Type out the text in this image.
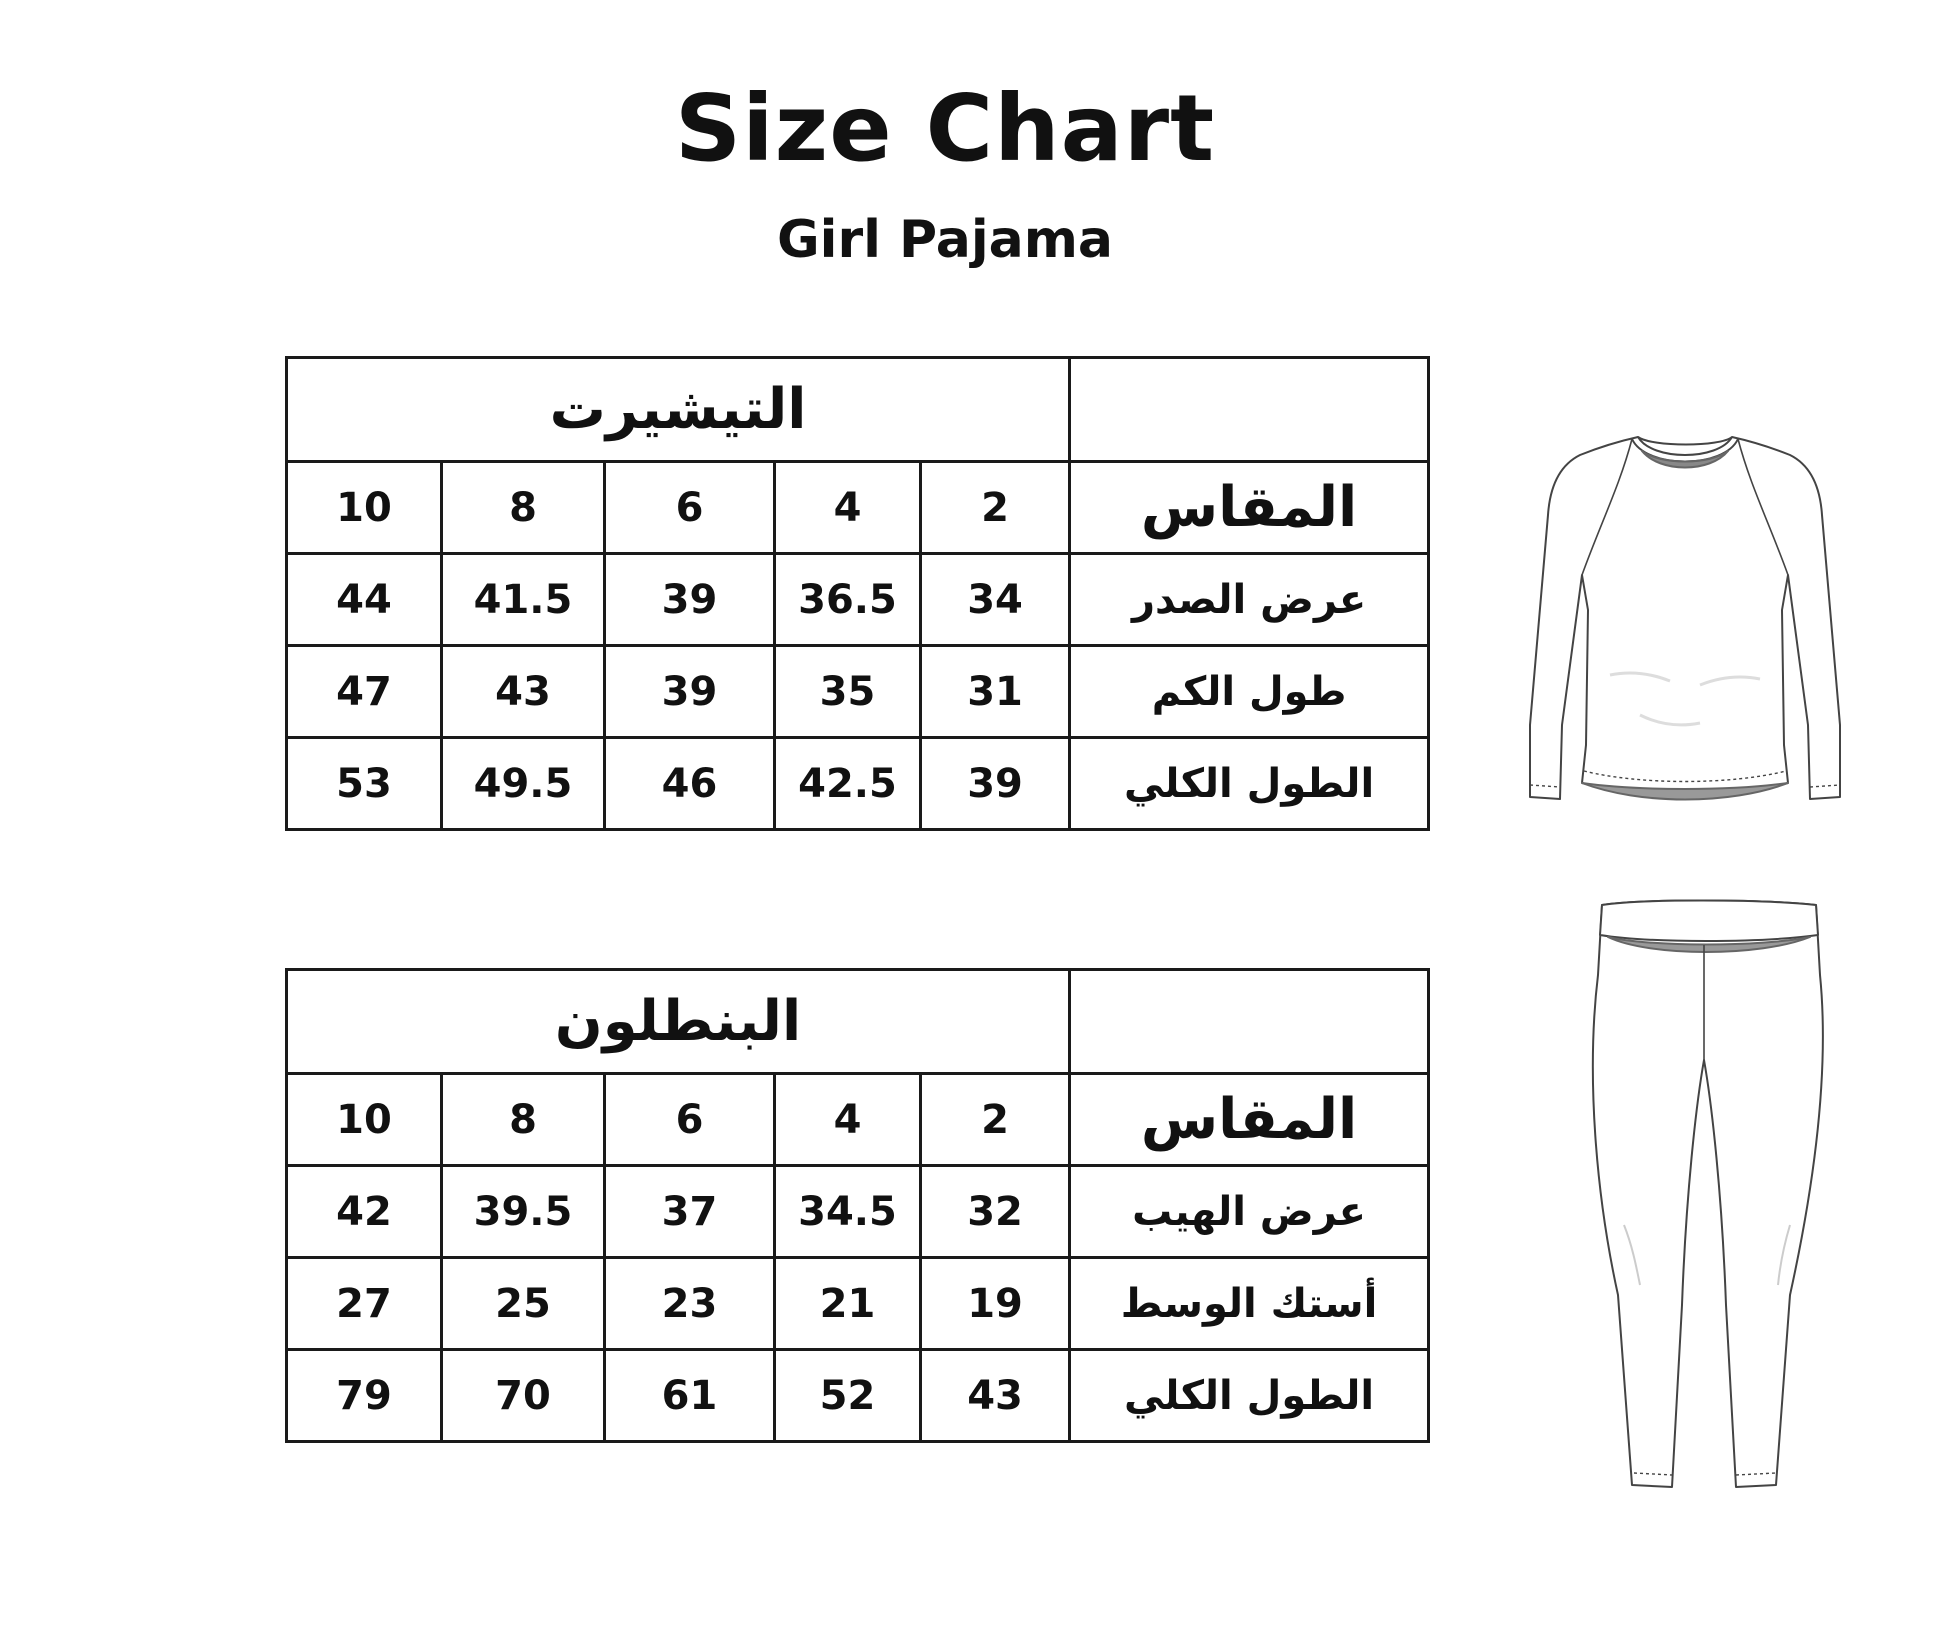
Size Chart
Girl Pajama
التيشيرت					
10	8	6	4	2	المقاس
44	41.5	39	36.5	34	عرض الصدر
47	43	39	35	31	طول الكم
53	49.5	46	42.5	39	الطول الكلي
البنطلون					
10	8	6	4	2	المقاس
42	39.5	37	34.5	32	عرض الهيب
27	25	23	21	19	أستك الوسط
79	70	61	52	43	الطول الكلي
